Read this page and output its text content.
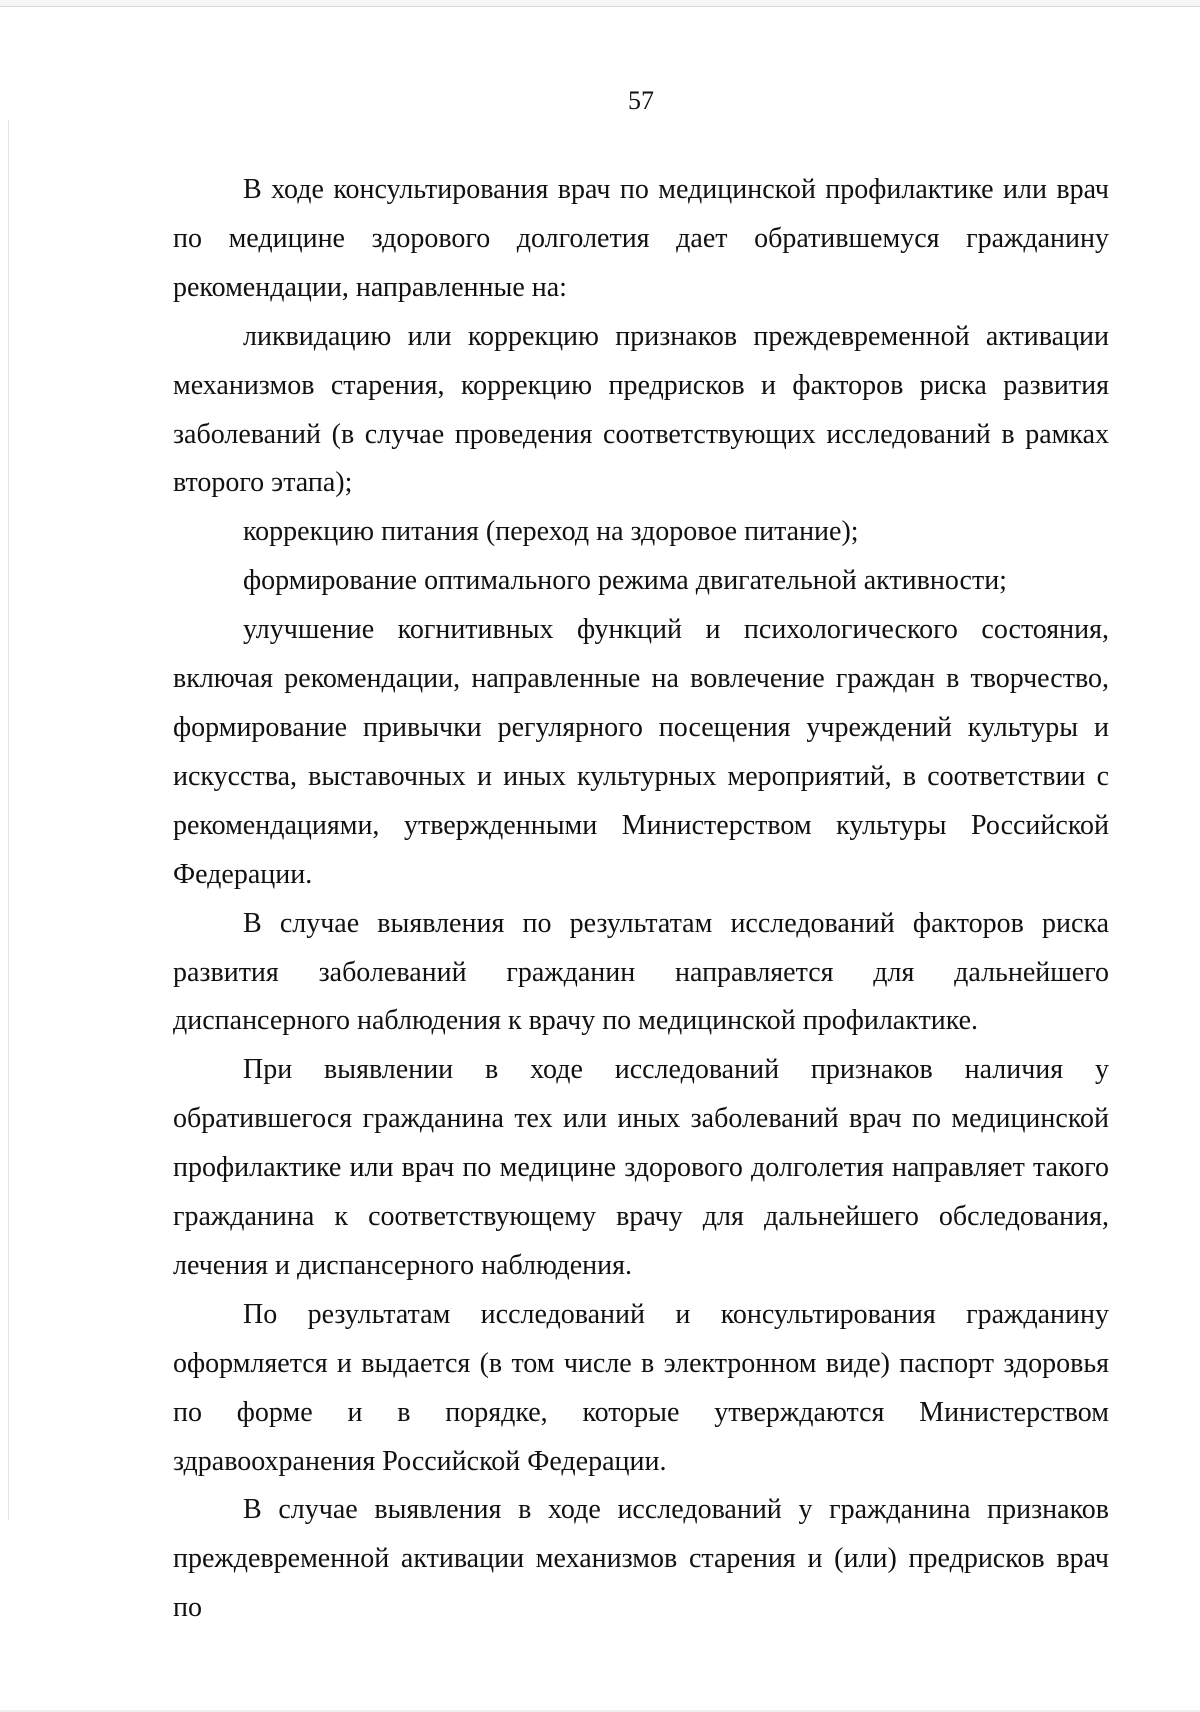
57

В ходе консультирования врач по медицинской профилактике или врач по медицине здорового долголетия дает обратившемуся гражданину рекомендации, направленные на:

ликвидацию или коррекцию признаков преждевременной активации механизмов старения, коррекцию предрисков и факторов риска развития заболеваний (в случае проведения соответствующих исследований в рамках второго этапа);

коррекцию питания (переход на здоровое питание);

формирование оптимального режима двигательной активности;

улучшение когнитивных функций и психологического состояния, включая рекомендации, направленные на вовлечение граждан в творчество, формирование привычки регулярного посещения учреждений культуры и искусства, выставочных и иных культурных мероприятий, в соответствии с рекомендациями, утвержденными Министерством культуры Российской Федерации.

В случае выявления по результатам исследований факторов риска развития заболеваний гражданин направляется для дальнейшего диспансерного наблюдения к врачу по медицинской профилактике.

При выявлении в ходе исследований признаков наличия у обратившегося гражданина тех или иных заболеваний врач по медицинской профилактике или врач по медицине здорового долголетия направляет такого гражданина к соответствующему врачу для дальнейшего обследования, лечения и диспансерного наблюдения.

По результатам исследований и консультирования гражданину оформляется и выдается (в том числе в электронном виде) паспорт здоровья по форме и в порядке, которые утверждаются Министерством здравоохранения Российской Федерации.

В случае выявления в ходе исследований у гражданина признаков преждевременной активации механизмов старения и (или) предрисков врач по
